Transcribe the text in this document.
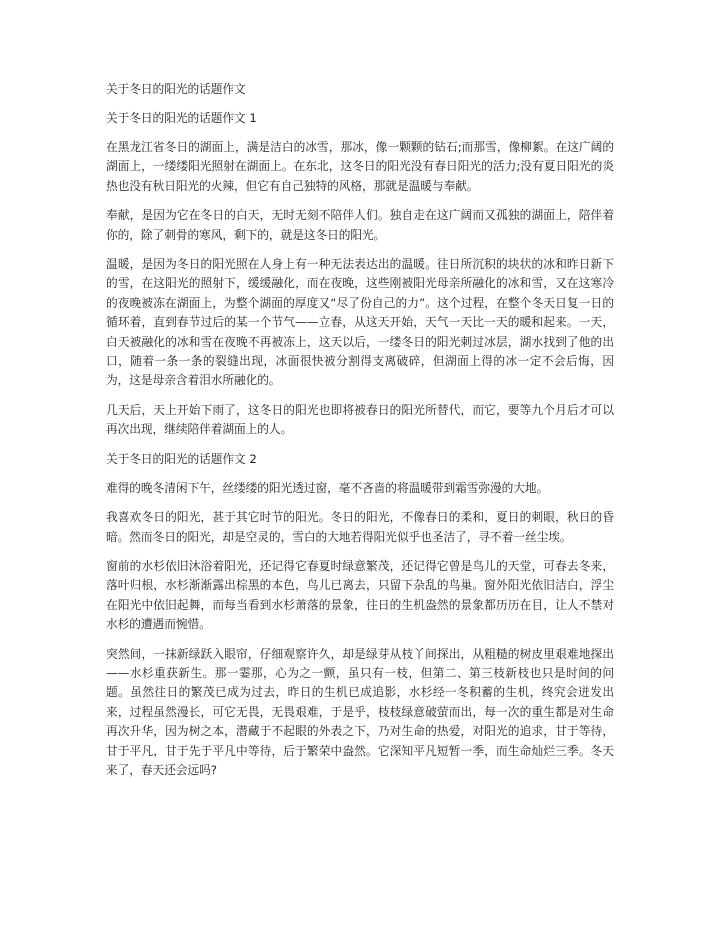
关于冬日的阳光的话题作文
关于冬日的阳光的话题作文 1
在黑龙江省冬日的湖面上，满是洁白的冰雪，那冰，像一颗颗的钻石;而那雪，像柳絮。在这广阔的湖面上，一缕缕阳光照射在湖面上。在东北，这冬日的阳光没有春日阳光的活力;没有夏日阳光的炎热也没有秋日阳光的火辣，但它有自己独特的风格，那就是温暖与奉献。
奉献，是因为它在冬日的白天，无时无刻不陪伴人们。独自走在这广阔而又孤独的湖面上，陪伴着你的，除了刺骨的寒风，剩下的，就是这冬日的阳光。
温暖，是因为冬日的阳光照在人身上有一种无法表达出的温暖。往日所沉积的块状的冰和昨日新下的雪，在这阳光的照射下，缓缓融化，而在夜晚，这些刚被阳光母亲所融化的冰和雪，又在这寒冷的夜晚被冻在湖面上，为整个湖面的厚度又“尽了份自己的力”。这个过程，在整个冬天日复一日的循环着，直到春节过后的某一个节气——立春，从这天开始，天气一天比一天的暖和起来。一天，白天被融化的冰和雪在夜晚不再被冻上，这天以后，一缕冬日的阳光刺过冰层，湖水找到了他的出口，随着一条一条的裂缝出现，冰面很快被分割得支离破碎，但湖面上得的冰一定不会后悔，因为，这是母亲含着泪水所融化的。
几天后，天上开始下雨了，这冬日的阳光也即将被春日的阳光所替代，而它，要等九个月后才可以再次出现，继续陪伴着湖面上的人。
关于冬日的阳光的话题作文 2
难得的晚冬清闲下午，丝缕缕的阳光透过窗，毫不吝啬的将温暖带到霜雪弥漫的大地。
我喜欢冬日的阳光，甚于其它时节的阳光。冬日的阳光，不像春日的柔和，夏日的刺眼，秋日的昏暗。然而冬日的阳光，却是空灵的，雪白的大地若得阳光似乎也圣洁了，寻不着一丝尘埃。
窗前的水杉依旧沐浴着阳光，还记得它春夏时绿意繁茂，还记得它曾是鸟儿的天堂，可春去冬来，落叶归根，水杉渐渐露出棕黑的本色，鸟儿已离去，只留下杂乱的鸟巢。窗外阳光依旧洁白，浮尘在阳光中依旧起舞，而每当看到水杉萧落的景象，往日的生机盎然的景象都历历在目，让人不禁对水杉的遭遇而惋惜。
突然间，一抹新绿跃入眼帘，仔细观察许久，却是绿芽从枝丫间探出，从粗糙的树皮里艰难地探出——水杉重获新生。那一霎那，心为之一颤，虽只有一枝，但第二、第三枝新枝也只是时间的问题。虽然往日的繁茂已成为过去，昨日的生机已成追影，水杉经一冬积蓄的生机，终究会迸发出来，过程虽然漫长，可它无畏，无畏艰难，于是乎，枝枝绿意破萤而出，每一次的重生都是对生命再次升华，因为树之本，潜藏于不起眼的外表之下，乃对生命的热爱，对阳光的追求，甘于等待，甘于平凡，甘于先于平凡中等待，后于繁荣中盎然。它深知平凡短暂一季，而生命灿烂三季。冬天来了，春天还会远吗?
